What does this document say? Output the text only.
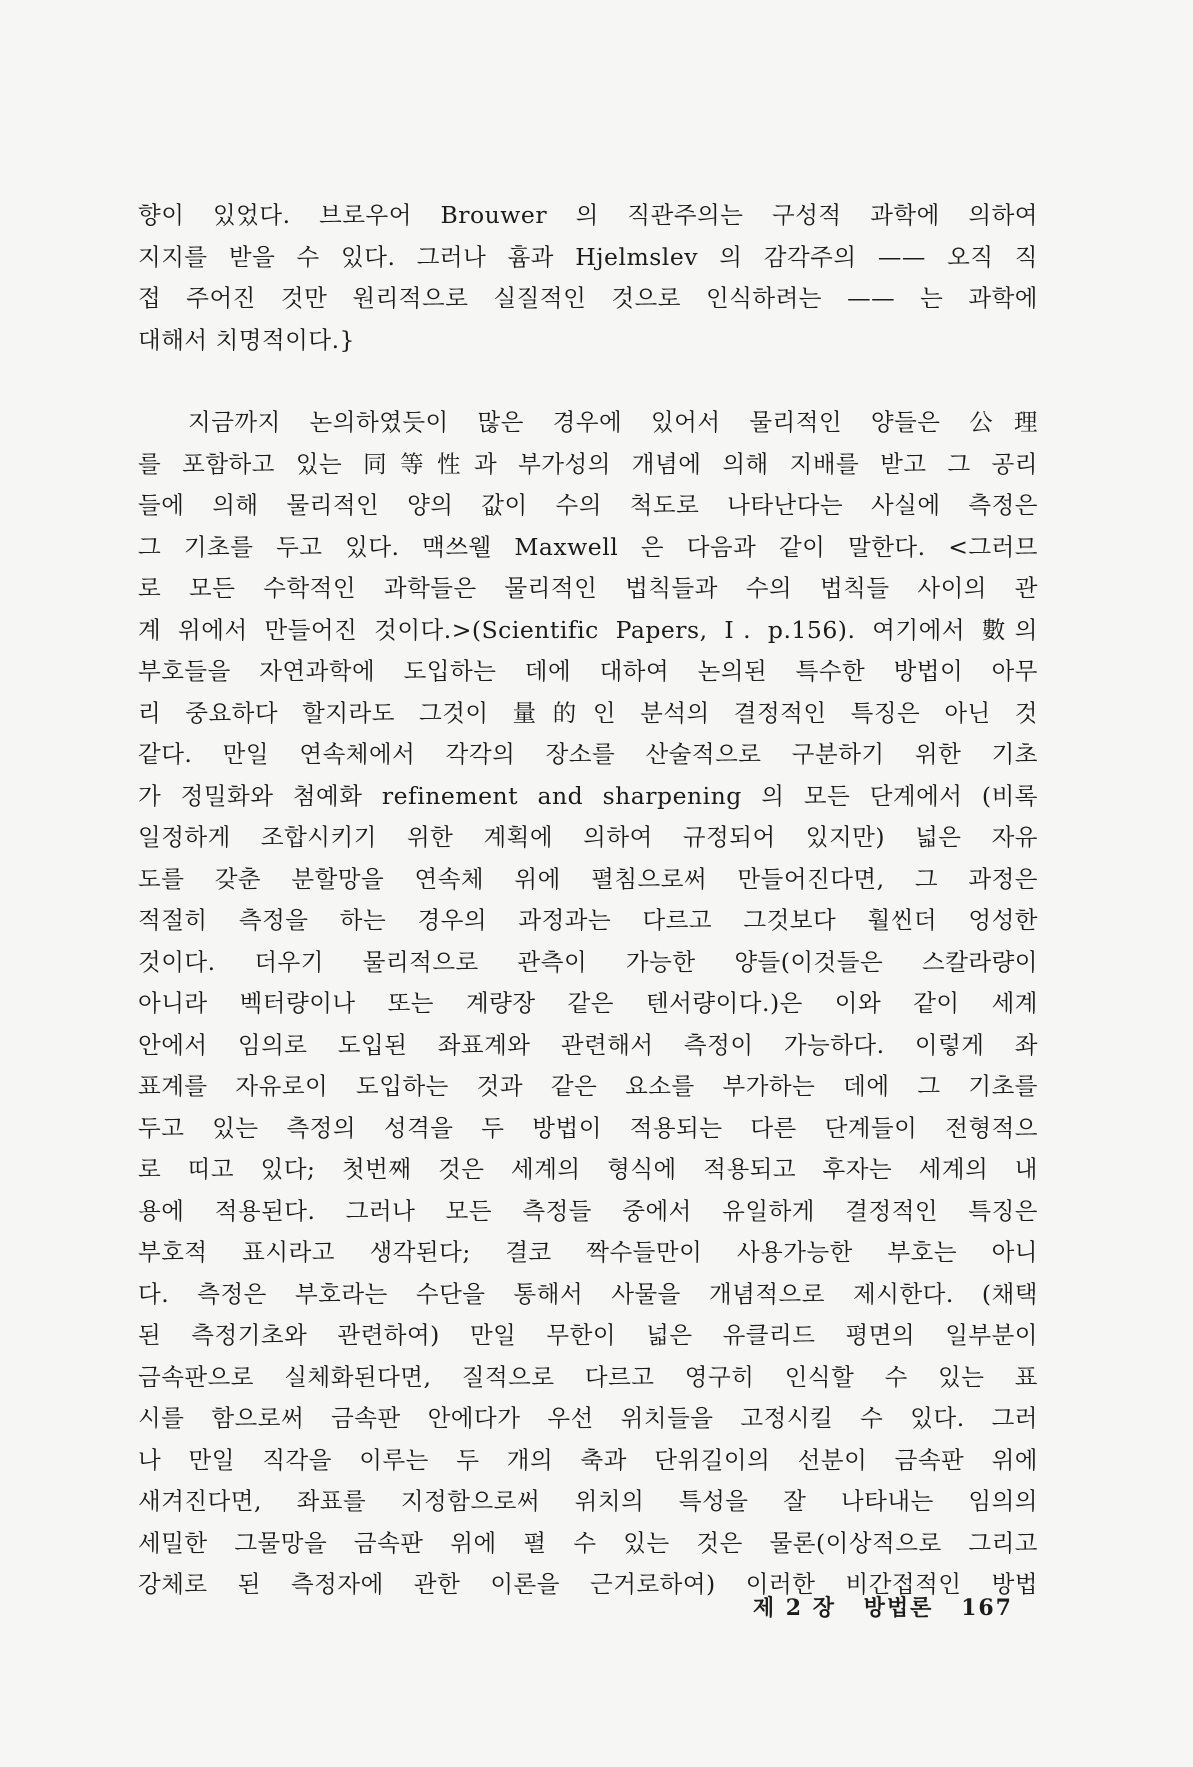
향이 있었다. 브로우어 Brouwer 의 직관주의는 구성적 과학에 의하여
지지를 받을 수 있다. 그러나 흄과 Hjelmslev 의 감각주의 —— 오직 직
접 주어진 것만 원리적으로 실질적인 것으로 인식하려는 —— 는 과학에
대해서 치명적이다.}
지금까지 논의하였듯이 많은 경우에 있어서 물리적인 양들은 公理
를 포함하고 있는 同等性과 부가성의 개념에 의해 지배를 받고 그 공리
들에 의해 물리적인 양의 값이 수의 척도로 나타난다는 사실에 측정은
그 기초를 두고 있다. 맥쓰웰 Maxwell 은 다음과 같이 말한다. <그러므
로 모든 수학적인 과학들은 물리적인 법칙들과 수의 법칙들 사이의 관
계 위에서 만들어진 것이다.>(Scientific Papers, Ⅰ. p.156). 여기에서 數의
부호들을 자연과학에 도입하는 데에 대하여 논의된 특수한 방법이 아무
리 중요하다 할지라도 그것이 量的인 분석의 결정적인 특징은 아닌 것
같다. 만일 연속체에서 각각의 장소를 산술적으로 구분하기 위한 기초
가 정밀화와 첨예화 refinement and sharpening 의 모든 단계에서 (비록
일정하게 조합시키기 위한 계획에 의하여 규정되어 있지만) 넓은 자유
도를 갖춘 분할망을 연속체 위에 펼침으로써 만들어진다면, 그 과정은
적절히 측정을 하는 경우의 과정과는 다르고 그것보다 훨씬더 엉성한
것이다. 더우기 물리적으로 관측이 가능한 양들(이것들은 스칼라량이
아니라 벡터량이나 또는 계량장 같은 텐서량이다.)은 이와 같이 세계
안에서 임의로 도입된 좌표계와 관련해서 측정이 가능하다. 이렇게 좌
표계를 자유로이 도입하는 것과 같은 요소를 부가하는 데에 그 기초를
두고 있는 측정의 성격을 두 방법이 적용되는 다른 단계들이 전형적으
로 띠고 있다; 첫번째 것은 세계의 형식에 적용되고 후자는 세계의 내
용에 적용된다. 그러나 모든 측정들 중에서 유일하게 결정적인 특징은
부호적 표시라고 생각된다; 결코 짝수들만이 사용가능한 부호는 아니
다. 측정은 부호라는 수단을 통해서 사물을 개념적으로 제시한다. (채택
된 측정기초와 관련하여) 만일 무한이 넓은 유클리드 평면의 일부분이
금속판으로 실체화된다면, 질적으로 다르고 영구히 인식할 수 있는 표
시를 함으로써 금속판 안에다가 우선 위치들을 고정시킬 수 있다. 그러
나 만일 직각을 이루는 두 개의 축과 단위길이의 선분이 금속판 위에
새겨진다면, 좌표를 지정함으로써 위치의 특성을 잘 나타내는 임의의
세밀한 그물망을 금속판 위에 펼 수 있는 것은 물론(이상적으로 그리고
강체로 된 측정자에 관한 이론을 근거로하여) 이러한 비간접적인 방법
제 2 장 방법론 167
